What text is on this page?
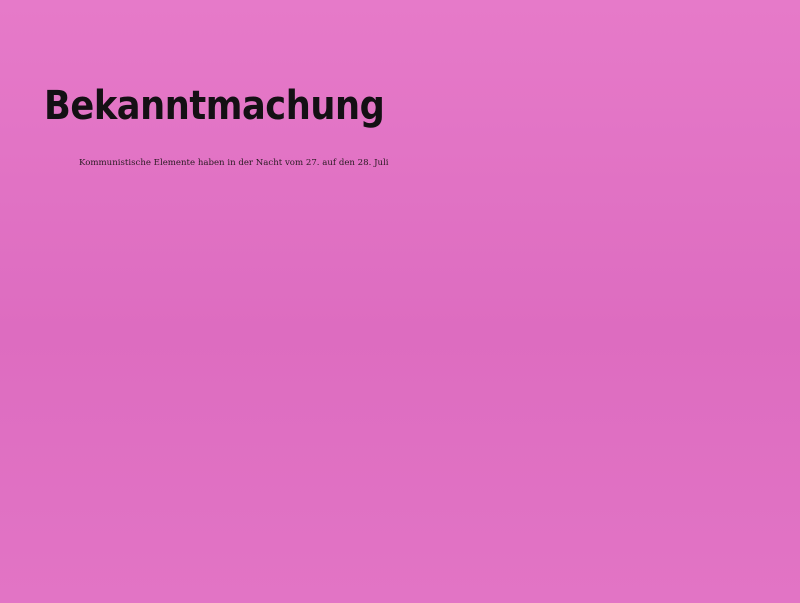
Bekanntmachung

Kommunistische Elemente haben in der Nacht vom 27. auf den 28. Juli
